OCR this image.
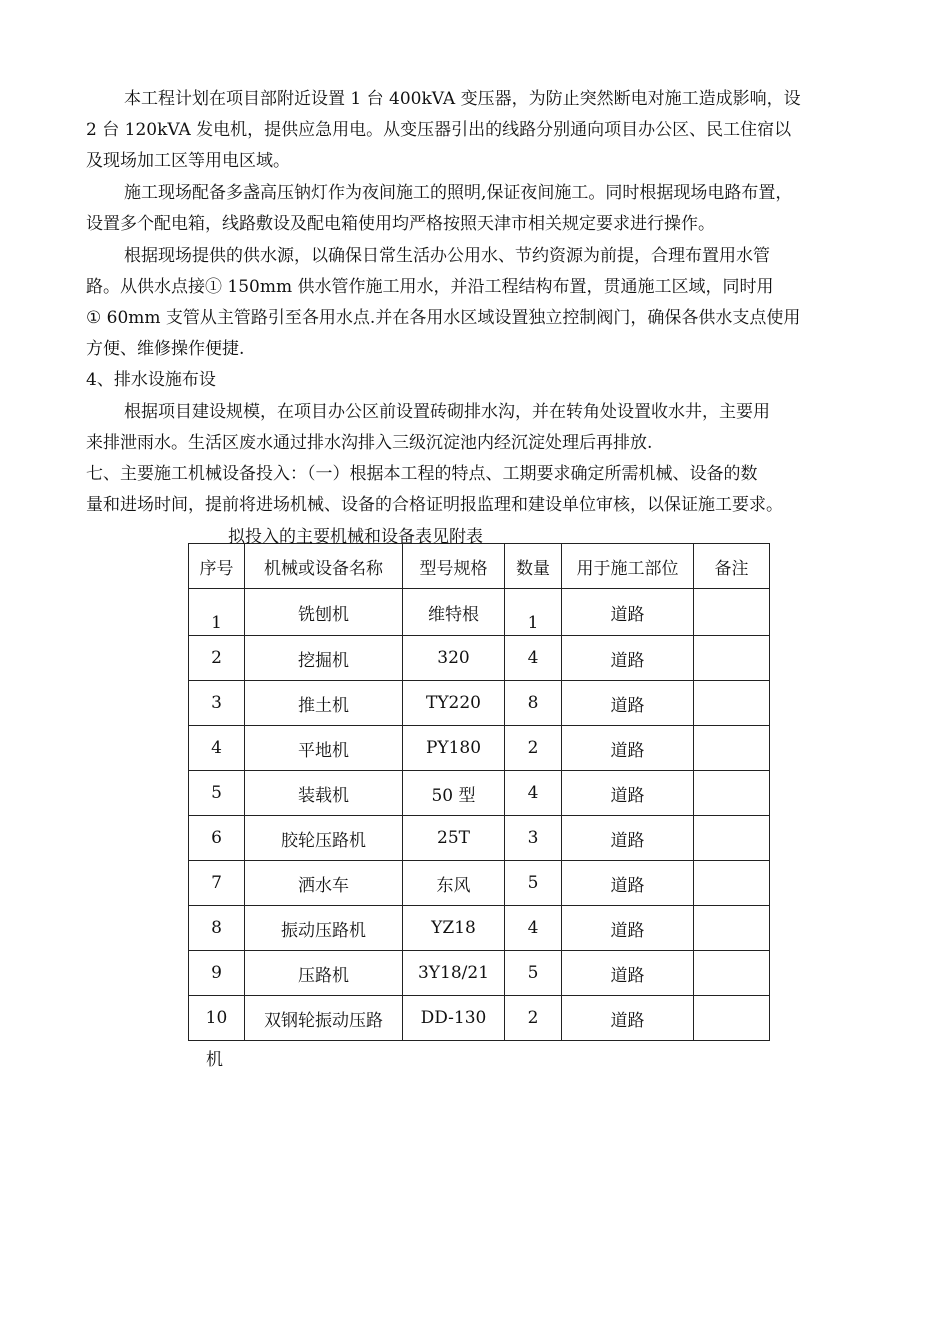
本工程计划在项目部附近设置 1 台 400kVA 变压器，为防止突然断电对施工造成影响，设
2 台 120kVA 发电机，提供应急用电。从变压器引出的线路分别通向项目办公区、民工住宿以
及现场加工区等用电区域。
施工现场配备多盏高压钠灯作为夜间施工的照明,保证夜间施工。同时根据现场电路布置，
设置多个配电箱，线路敷设及配电箱使用均严格按照天津市相关规定要求进行操作。
根据现场提供的供水源，以确保日常生活办公用水、节约资源为前提，合理布置用水管
路。从供水点接① 150mm 供水管作施工用水，并沿工程结构布置，贯通施工区域，同时用
① 60mm 支管从主管路引至各用水点.并在各用水区域设置独立控制阀门，确保各供水支点使用
方便、维修操作便捷.
4、排水设施布设
根据项目建设规模，在项目办公区前设置砖砌排水沟，并在转角处设置收水井，主要用
来排泄雨水。生活区废水通过排水沟排入三级沉淀池内经沉淀处理后再排放.
七、主要施工机械设备投入：（一）根据本工程的特点、工期要求确定所需机械、设备的数
量和进场时间，提前将进场机械、设备的合格证明报监理和建设单位审核，以保证施工要求。
拟投入的主要机械和设备表见附表
序号	机械或设备名称	型号规格	数量	用于施工部位	备注
1	铣刨机	维特根	1	道路	
2	挖掘机	320	4	道路	
3	推土机	TY220	8	道路	
4	平地机	PY180	2	道路	
5	装载机	50 型	4	道路	
6	胶轮压路机	25T	3	道路	
7	洒水车	东风	5	道路	
8	振动压路机	YZ18	4	道路	
9	压路机	3Y18/21	5	道路	
10	双钢轮振动压路	DD-130	2	道路	
机
